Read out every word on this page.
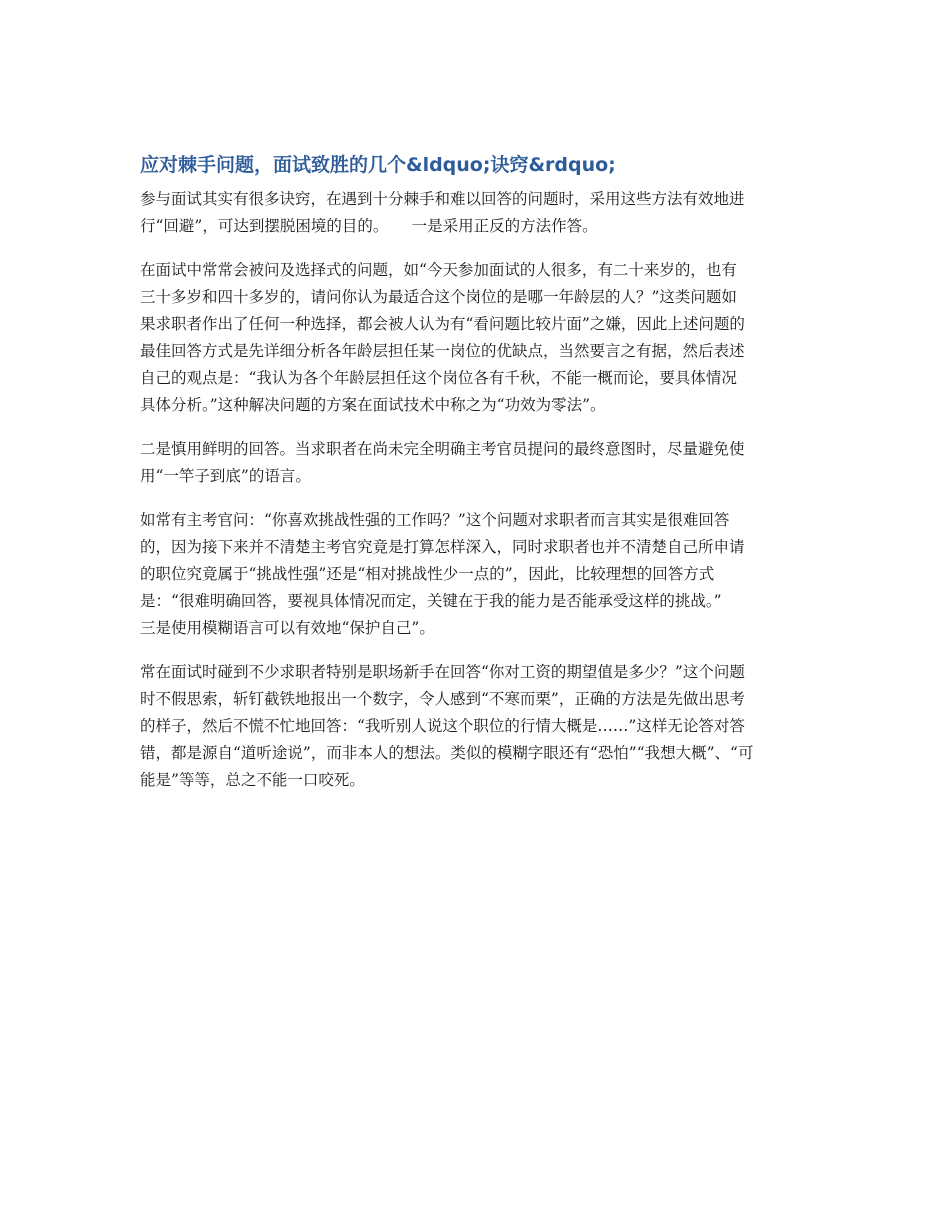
应对棘手问题，面试致胜的几个&ldquo;诀窍&rdquo;

参与面试其实有很多诀窍，在遇到十分棘手和难以回答的问题时，采用这些方法有效地进
行“回避”，可达到摆脱困境的目的。　　一是采用正反的方法作答。

在面试中常常会被问及选择式的问题，如“今天参加面试的人很多，有二十来岁的，也有
三十多岁和四十多岁的，请问你认为最适合这个岗位的是哪一年龄层的人？”这类问题如
果求职者作出了任何一种选择，都会被人认为有“看问题比较片面”之嫌，因此上述问题的
最佳回答方式是先详细分析各年龄层担任某一岗位的优缺点，当然要言之有据，然后表述
自己的观点是：“我认为各个年龄层担任这个岗位各有千秋，不能一概而论，要具体情况
具体分析。”这种解决问题的方案在面试技术中称之为“功效为零法”。

二是慎用鲜明的回答。当求职者在尚未完全明确主考官员提问的最终意图时，尽量避免使
用“一竿子到底”的语言。

如常有主考官问：“你喜欢挑战性强的工作吗？”这个问题对求职者而言其实是很难回答
的，因为接下来并不清楚主考官究竟是打算怎样深入，同时求职者也并不清楚自己所申请
的职位究竟属于“挑战性强”还是“相对挑战性少一点的”，因此，比较理想的回答方式
是：“很难明确回答，要视具体情况而定，关键在于我的能力是否能承受这样的挑战。”
三是使用模糊语言可以有效地“保护自己”。

常在面试时碰到不少求职者特别是职场新手在回答“你对工资的期望值是多少？”这个问题
时不假思索，斩钉截铁地报出一个数字，令人感到“不寒而栗”，正确的方法是先做出思考
的样子，然后不慌不忙地回答：“我听别人说这个职位的行情大概是……”这样无论答对答
错，都是源自“道听途说”，而非本人的想法。类似的模糊字眼还有“恐怕”“我想大概”、“可
能是”等等，总之不能一口咬死。
